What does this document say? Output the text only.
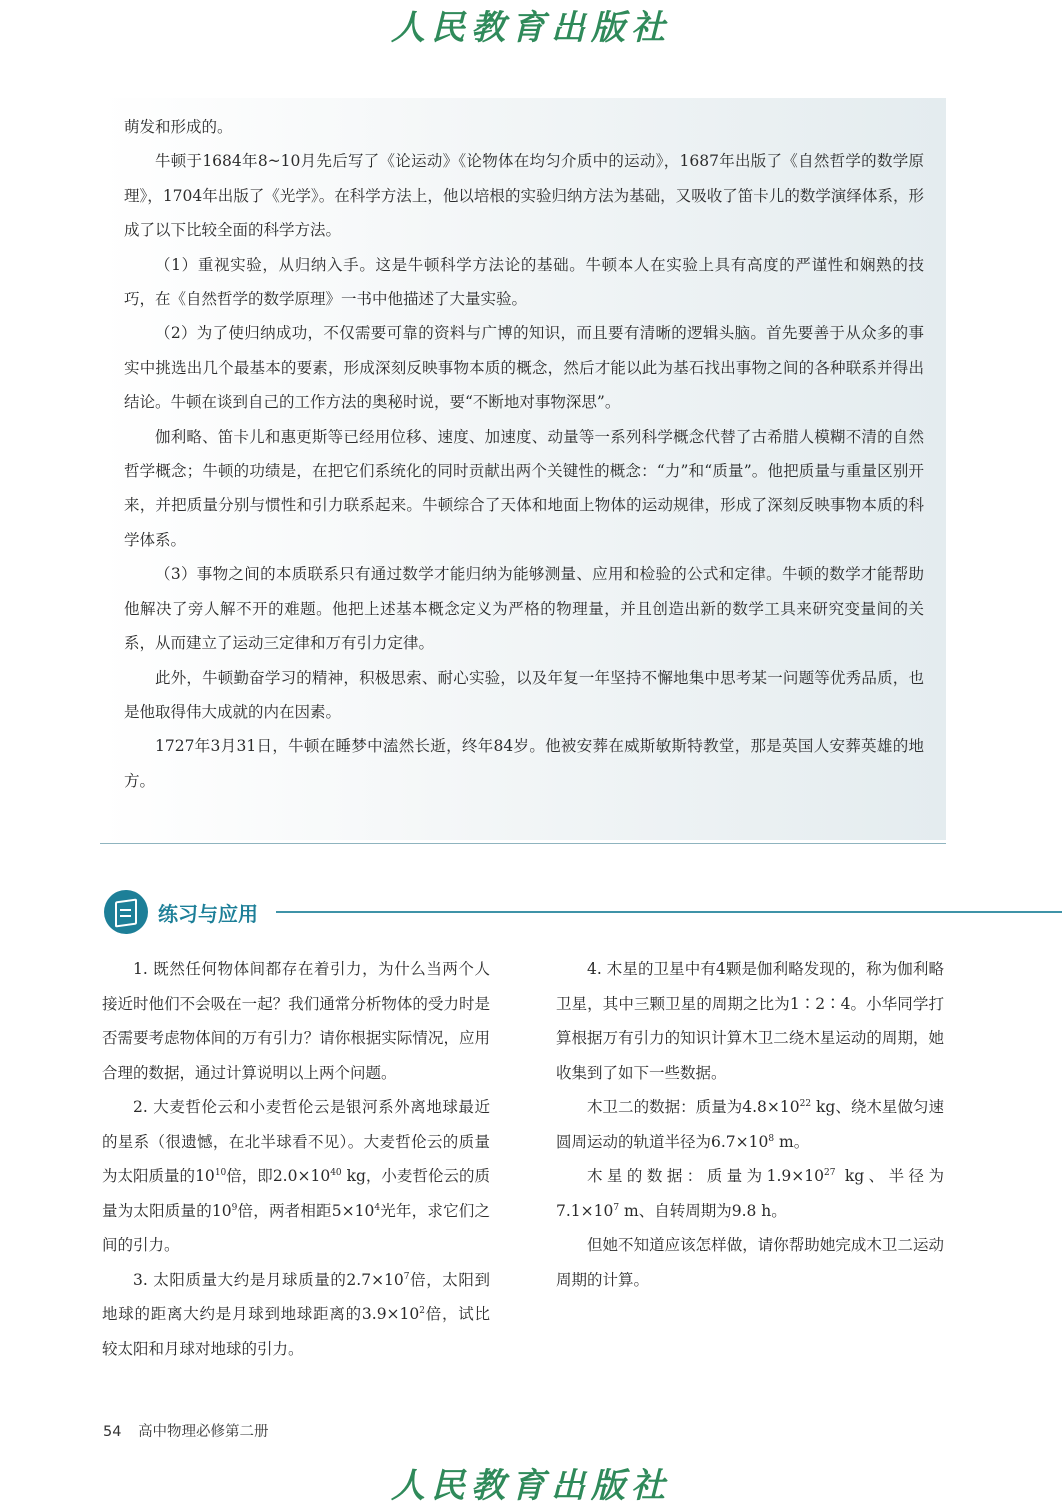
人民教育出版社

萌发和形成的。

牛顿于1684年8~10月先后写了《论运动》《论物体在均匀介质中的运动》，1687年出版了《自然哲学的数学原理》，1704年出版了《光学》。在科学方法上，他以培根的实验归纳方法为基础，又吸收了笛卡儿的数学演绎体系，形成了以下比较全面的科学方法。

（1）重视实验，从归纳入手。这是牛顿科学方法论的基础。牛顿本人在实验上具有高度的严谨性和娴熟的技巧，在《自然哲学的数学原理》一书中他描述了大量实验。

（2）为了使归纳成功，不仅需要可靠的资料与广博的知识，而且要有清晰的逻辑头脑。首先要善于从众多的事实中挑选出几个最基本的要素，形成深刻反映事物本质的概念，然后才能以此为基石找出事物之间的各种联系并得出结论。牛顿在谈到自己的工作方法的奥秘时说，要“不断地对事物深思”。

伽利略、笛卡儿和惠更斯等已经用位移、速度、加速度、动量等一系列科学概念代替了古希腊人模糊不清的自然哲学概念；牛顿的功绩是，在把它们系统化的同时贡献出两个关键性的概念：“力”和“质量”。他把质量与重量区别开来，并把质量分别与惯性和引力联系起来。牛顿综合了天体和地面上物体的运动规律，形成了深刻反映事物本质的科学体系。

（3）事物之间的本质联系只有通过数学才能归纳为能够测量、应用和检验的公式和定律。牛顿的数学才能帮助他解决了旁人解不开的难题。他把上述基本概念定义为严格的物理量，并且创造出新的数学工具来研究变量间的关系，从而建立了运动三定律和万有引力定律。

此外，牛顿勤奋学习的精神，积极思索、耐心实验，以及年复一年坚持不懈地集中思考某一问题等优秀品质，也是他取得伟大成就的内在因素。

1727年3月31日，牛顿在睡梦中溘然长逝，终年84岁。他被安葬在威斯敏斯特教堂，那是英国人安葬英雄的地方。

练习与应用

1. 既然任何物体间都存在着引力，为什么当两个人接近时他们不会吸在一起？我们通常分析物体的受力时是否需要考虑物体间的万有引力？请你根据实际情况，应用合理的数据，通过计算说明以上两个问题。

2. 大麦哲伦云和小麦哲伦云是银河系外离地球最近的星系（很遗憾，在北半球看不见）。大麦哲伦云的质量为太阳质量的$10^{10}$倍，即$2.0\times 10^{40}$ kg，小麦哲伦云的质量为太阳质量的$10^9$倍，两者相距$5\times 10^4$光年，求它们之间的引力。

3. 太阳质量大约是月球质量的$2.7\times 10^7$倍，太阳到地球的距离大约是月球到地球距离的$3.9\times 10^2$倍，试比较太阳和月球对地球的引力。

4. 木星的卫星中有4颗是伽利略发现的，称为伽利略卫星，其中三颗卫星的周期之比为1∶2∶4。小华同学打算根据万有引力的知识计算木卫二绕木星运动的周期，她收集到了如下一些数据。

木卫二的数据：质量为$4.8\times 10^{22}$ kg、绕木星做匀速圆周运动的轨道半径为$6.7\times 10^8$ m。

木星的数据：质量为$1.9\times 10^{27}$ kg、半径为$7.1\times 10^7$ m、自转周期为9.8 h。

但她不知道应该怎样做，请你帮助她完成木卫二运动周期的计算。

54 高中物理必修第二册
人民教育出版社
